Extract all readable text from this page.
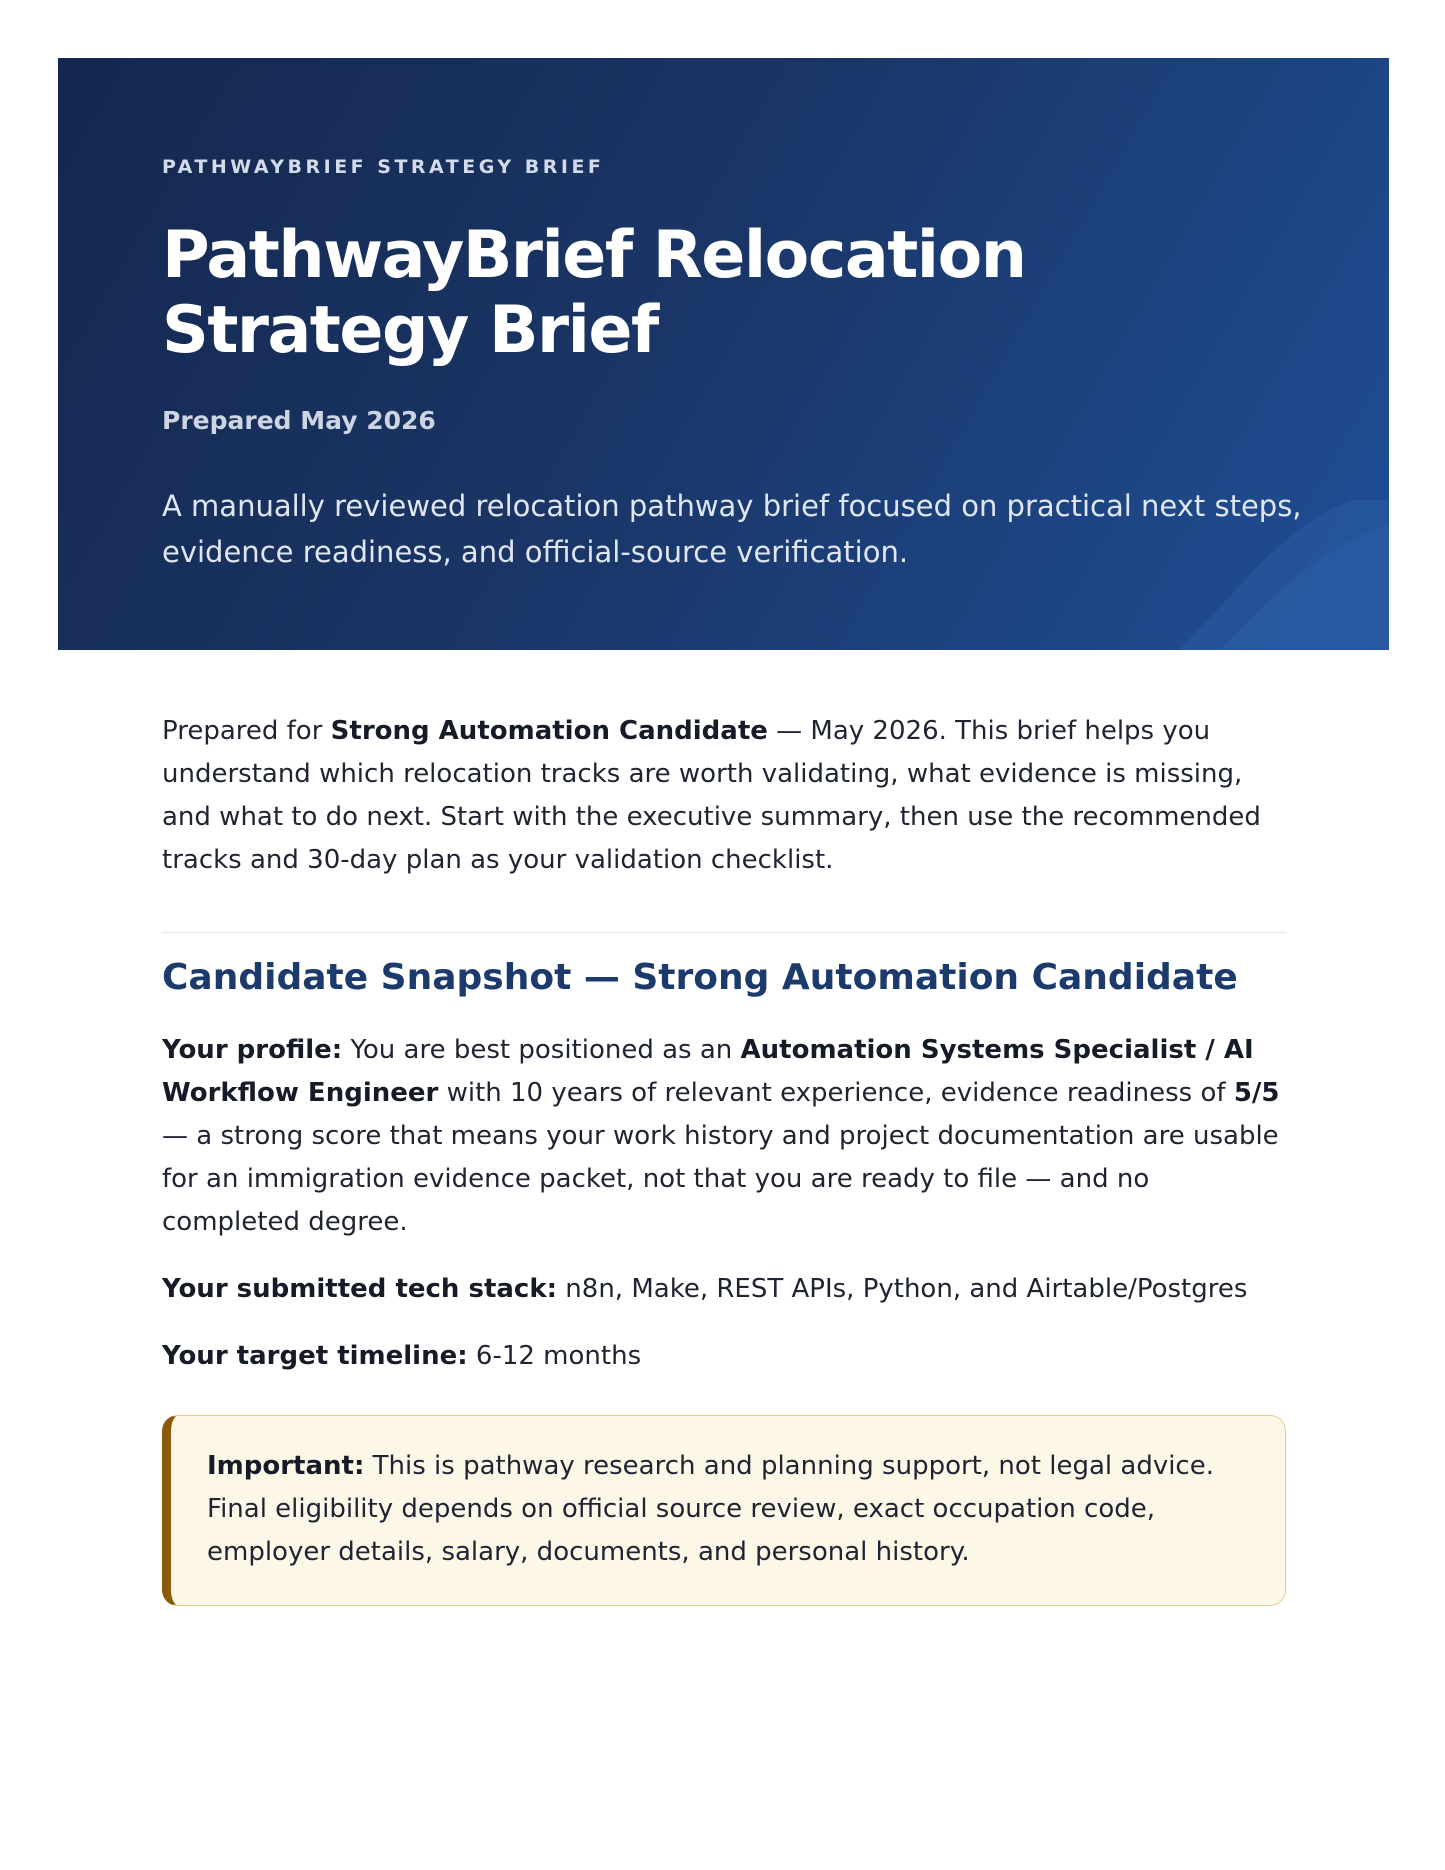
PATHWAYBRIEF STRATEGY BRIEF
PathwayBrief Relocation Strategy Brief
Prepared May 2026

A manually reviewed relocation pathway brief focused on practical next steps, evidence readiness, and official-source verification.

Prepared for Strong Automation Candidate — May 2026. This brief helps you understand which relocation tracks are worth validating, what evidence is missing, and what to do next. Start with the executive summary, then use the recommended tracks and 30-day plan as your validation checklist.

Candidate Snapshot — Strong Automation Candidate

Your profile: You are best positioned as an Automation Systems Specialist / AI Workflow Engineer with 10 years of relevant experience, evidence readiness of 5/5 — a strong score that means your work history and project documentation are usable for an immigration evidence packet, not that you are ready to file — and no completed degree.

Your submitted tech stack: n8n, Make, REST APIs, Python, and Airtable/Postgres

Your target timeline: 6-12 months

Important: This is pathway research and planning support, not legal advice. Final eligibility depends on official source review, exact occupation code, employer details, salary, documents, and personal history.
